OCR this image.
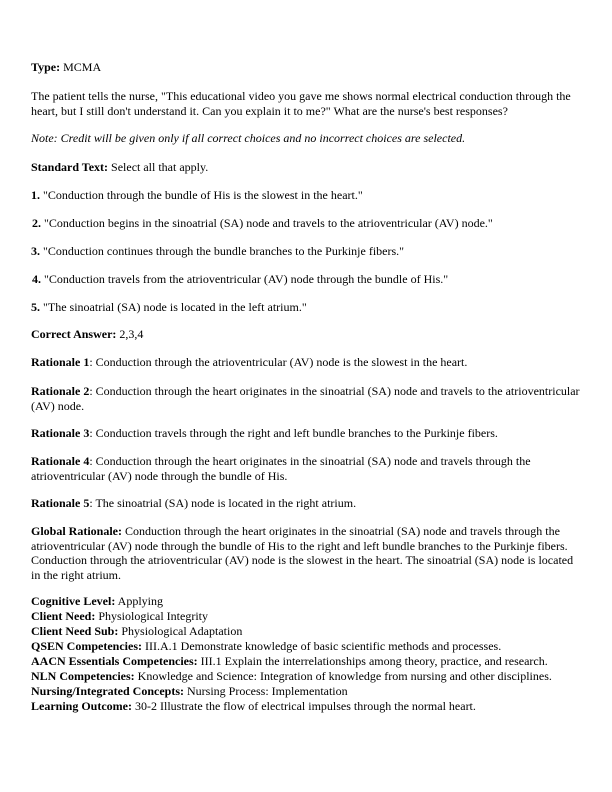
Type: MCMA
The patient tells the nurse, "This educational video you gave me shows normal electrical conduction through the heart, but I still don't understand it. Can you explain it to me?" What are the nurse's best responses?
Note: Credit will be given only if all correct choices and no incorrect choices are selected.
Standard Text: Select all that apply.
1. "Conduction through the bundle of His is the slowest in the heart."
2. "Conduction begins in the sinoatrial (SA) node and travels to the atrioventricular (AV) node."
3. "Conduction continues through the bundle branches to the Purkinje fibers."
4. "Conduction travels from the atrioventricular (AV) node through the bundle of His."
5. "The sinoatrial (SA) node is located in the left atrium."
Correct Answer: 2,3,4
Rationale 1: Conduction through the atrioventricular (AV) node is the slowest in the heart.
Rationale 2: Conduction through the heart originates in the sinoatrial (SA) node and travels to the atrioventricular (AV) node.
Rationale 3: Conduction travels through the right and left bundle branches to the Purkinje fibers.
Rationale 4: Conduction through the heart originates in the sinoatrial (SA) node and travels through the atrioventricular (AV) node through the bundle of His.
Rationale 5: The sinoatrial (SA) node is located in the right atrium.
Global Rationale: Conduction through the heart originates in the sinoatrial (SA) node and travels through the atrioventricular (AV) node through the bundle of His to the right and left bundle branches to the Purkinje fibers. Conduction through the atrioventricular (AV) node is the slowest in the heart. The sinoatrial (SA) node is located in the right atrium.
Cognitive Level: Applying
Client Need: Physiological Integrity
Client Need Sub: Physiological Adaptation
QSEN Competencies: III.A.1 Demonstrate knowledge of basic scientific methods and processes.
AACN Essentials Competencies: III.1 Explain the interrelationships among theory, practice, and research.
NLN Competencies: Knowledge and Science: Integration of knowledge from nursing and other disciplines.
Nursing/Integrated Concepts: Nursing Process: Implementation
Learning Outcome: 30-2 Illustrate the flow of electrical impulses through the normal heart.
